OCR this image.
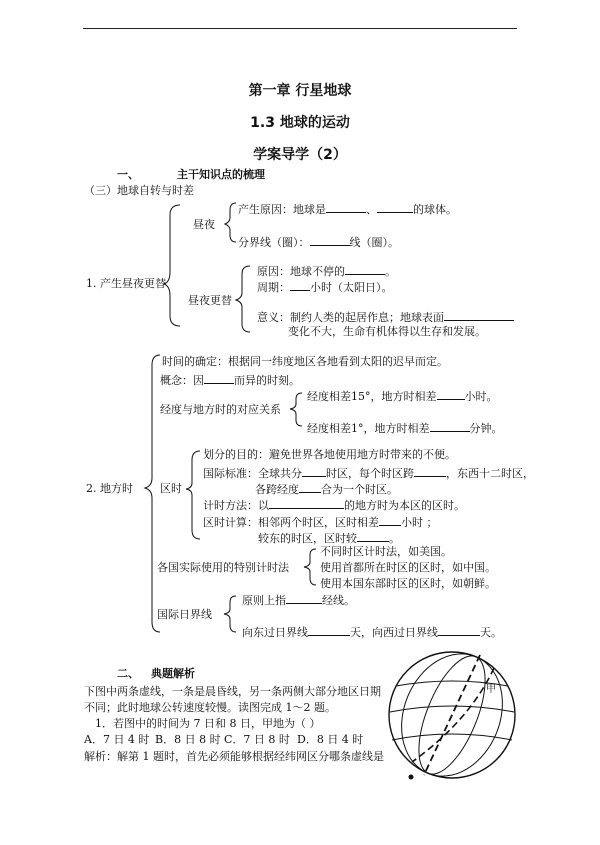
第一章 行星地球
1.3 地球的运动
学案导学（2）
一、	主干知识点的梳理
（三）地球自转与时差
1. 产生昼夜更替
昼夜
产生原因：地球是	、	的球体。
分界线（圈）：	线（圈）。
昼夜更替
原因：地球不停的	。
周期： 小时（太阳日）。
意义：制约人类的起居作息；地球表面
变化不大，生命有机体得以生存和发展。
2. 地方时
时间的确定：根据同一纬度地区各地看到太阳的迟早而定。
概念：因	而异的时刻。
经度与地方时的对应关系
经度相差15°，地方时相差	小时。
经度相差1°，地方时相差	分钟。
区时
划分的目的：避免世界各地使用地方时带来的不便。
国际标准：全球共分 时区，每个时区跨	，东西十二时区，
各跨经度 合为一个时区。
计时方法：以	的地方时为本区的区时。
区时计算：相邻两个时区，区时相差 小时 ；
较东的时区，区时较	。
各国实际使用的特别计时法
不同时区计时法，如美国。
使用首都所在时区的区时，如中国。
使用本国东部时区的区时，如朝鲜。
国际日界线
原则上指	经线。
向东过日界线	天，向西过日界线	天。
二、 典题解析
下图中两条虚线，一条是晨昏线，另一条两侧大部分地区日期
不同；此时地球公转速度较慢。读图完成 1～2 题。
1．若图中的时间为 7 日和 8 日，甲地为（ ）
A．7 日 4 时 B．8 日 8 时 C．7 日 8 时 D．8 日 4 时
解析：解第 1 题时，首先必须能够根据经纬网区分哪条虚线是
甲
